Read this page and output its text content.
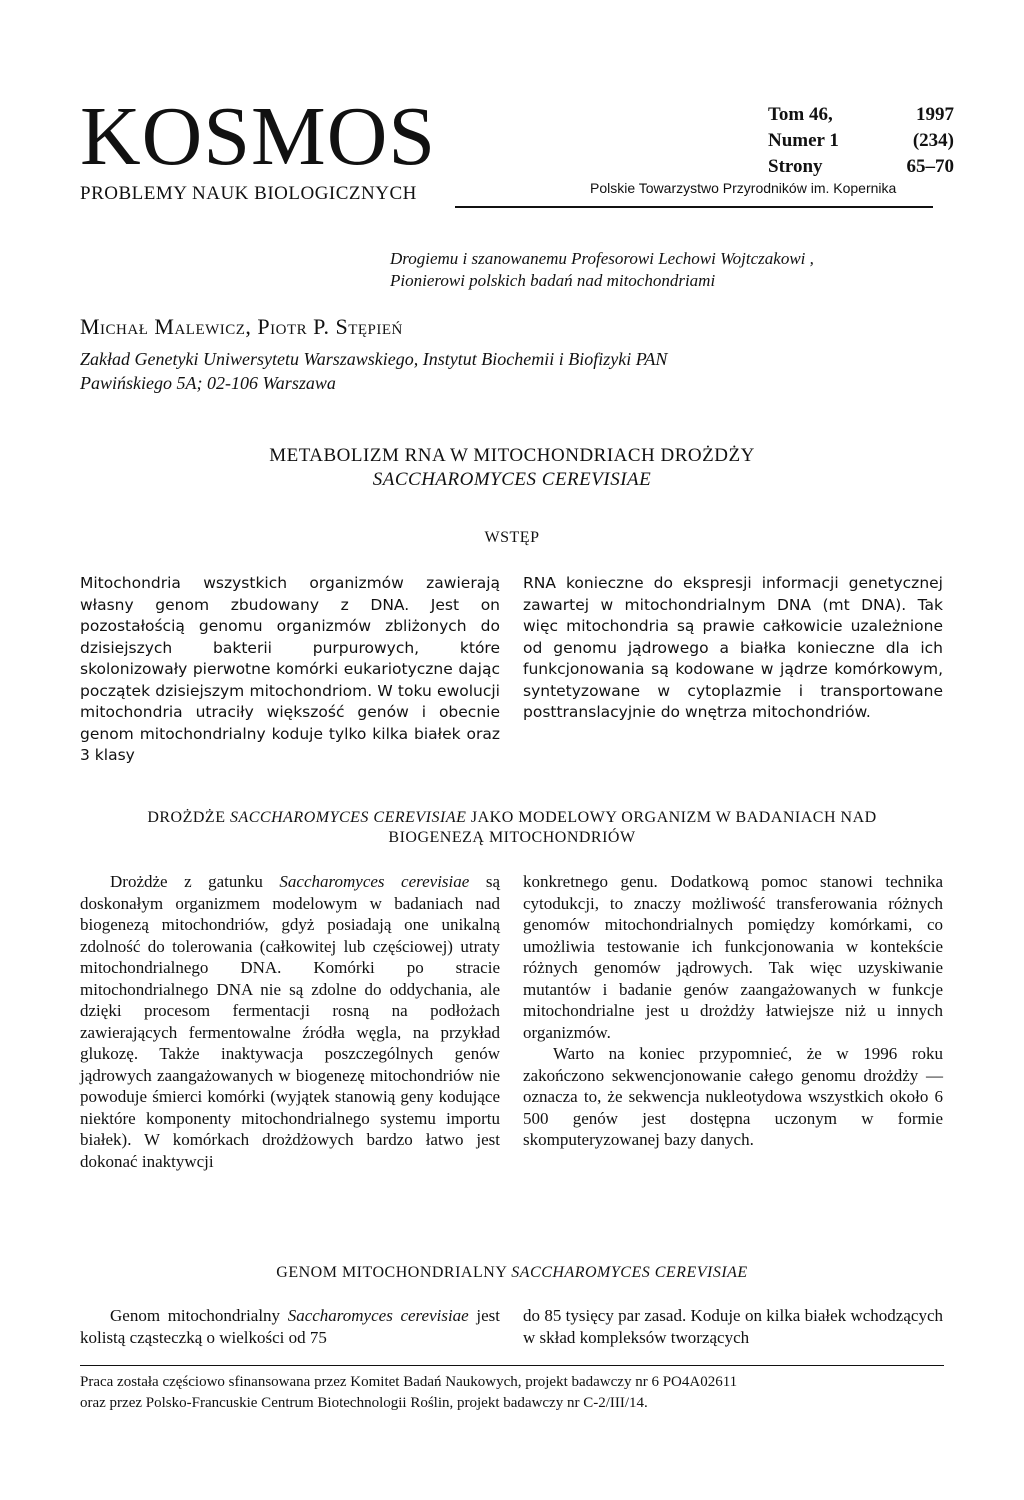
KOSMOS
PROBLEMY NAUK BIOLOGICZNYCH
Tom 46,	1997
Numer 1	(234)
Strony	65–70
Polskie Towarzystwo Przyrodników im. Kopernika
Drogiemu i szanowanemu Profesorowi Lechowi Wojtczakowi ,
Pionierowi polskich badań nad mitochondriami
Michał Malewicz, Piotr P. Stępień
Zakład Genetyki Uniwersytetu Warszawskiego, Instytut Biochemii i Biofizyki PAN
Pawińskiego 5A; 02-106 Warszawa
METABOLIZM RNA W MITOCHONDRIACH DROŻDŻY
SACCHAROMYCES CEREVISIAE
WSTĘP

Mitochondria wszystkich organizmów zawierają własny genom zbudowany z DNA. Jest on pozostałością genomu organizmów zbliżonych do dzisiejszych bakterii purpurowych, które skolonizowały pierwotne komórki eukariotyczne dając początek dzisiejszym mitochondriom. W toku ewolucji mitochondria utraciły większość genów i obecnie genom mitochondrialny koduje tylko kilka białek oraz 3 klasy

RNA konieczne do ekspresji informacji genetycznej zawartej w mitochondrialnym DNA (mt DNA). Tak więc mitochondria są prawie całkowicie uzależnione od genomu jądrowego a białka konieczne dla ich funkcjonowania są kodowane w jądrze komórkowym, syntetyzowane w cytoplazmie i transportowane posttranslacyjnie do wnętrza mitochondriów.

DROŻDŻE SACCHAROMYCES CEREVISIAE JAKO MODELOWY ORGANIZM W BADANIACH NAD
BIOGENEZĄ MITOCHONDRIÓW

Drożdże z gatunku Saccharomyces cerevisiae są doskonałym organizmem modelowym w badaniach nad biogenezą mitochondriów, gdyż posiadają one unikalną zdolność do tolerowania (całkowitej lub częściowej) utraty mitochondrialnego DNA. Komórki po stracie mitochondrialnego DNA nie są zdolne do oddychania, ale dzięki procesom fermentacji rosną na podłożach zawierających fermentowalne źródła węgla, na przykład glukozę. Także inaktywacja poszczególnych genów jądrowych zaangażowanych w biogenezę mitochondriów nie powoduje śmierci komórki (wyjątek stanowią geny kodujące niektóre komponenty mitochondrialnego systemu importu białek). W komórkach drożdżowych bardzo łatwo jest dokonać inaktywcji

konkretnego genu. Dodatkową pomoc stanowi technika cytodukcji, to znaczy możliwość transferowania różnych genomów mitochondrialnych pomiędzy komórkami, co umożliwia testowanie ich funkcjonowania w kontekście różnych genomów jądrowych. Tak więc uzyskiwanie mutantów i badanie genów zaangażowanych w funkcje mitochondrialne jest u drożdży łatwiejsze niż u innych organizmów.

Warto na koniec przypomnieć, że w 1996 roku zakończono sekwencjonowanie całego genomu drożdży — oznacza to, że sekwencja nukleotydowa wszystkich około 6 500 genów jest dostępna uczonym w formie skomputeryzowanej bazy danych.

GENOM MITOCHONDRIALNY SACCHAROMYCES CEREVISIAE

Genom mitochondrialny Saccharomyces cerevisiae jest kolistą cząsteczką o wielkości od 75

do 85 tysięcy par zasad. Koduje on kilka białek wchodzących w skład kompleksów tworzących

Praca została częściowo sfinansowana przez Komitet Badań Naukowych, projekt badawczy nr 6 PO4A02611
oraz przez Polsko-Francuskie Centrum Biotechnologii Roślin, projekt badawczy nr C-2/III/14.
